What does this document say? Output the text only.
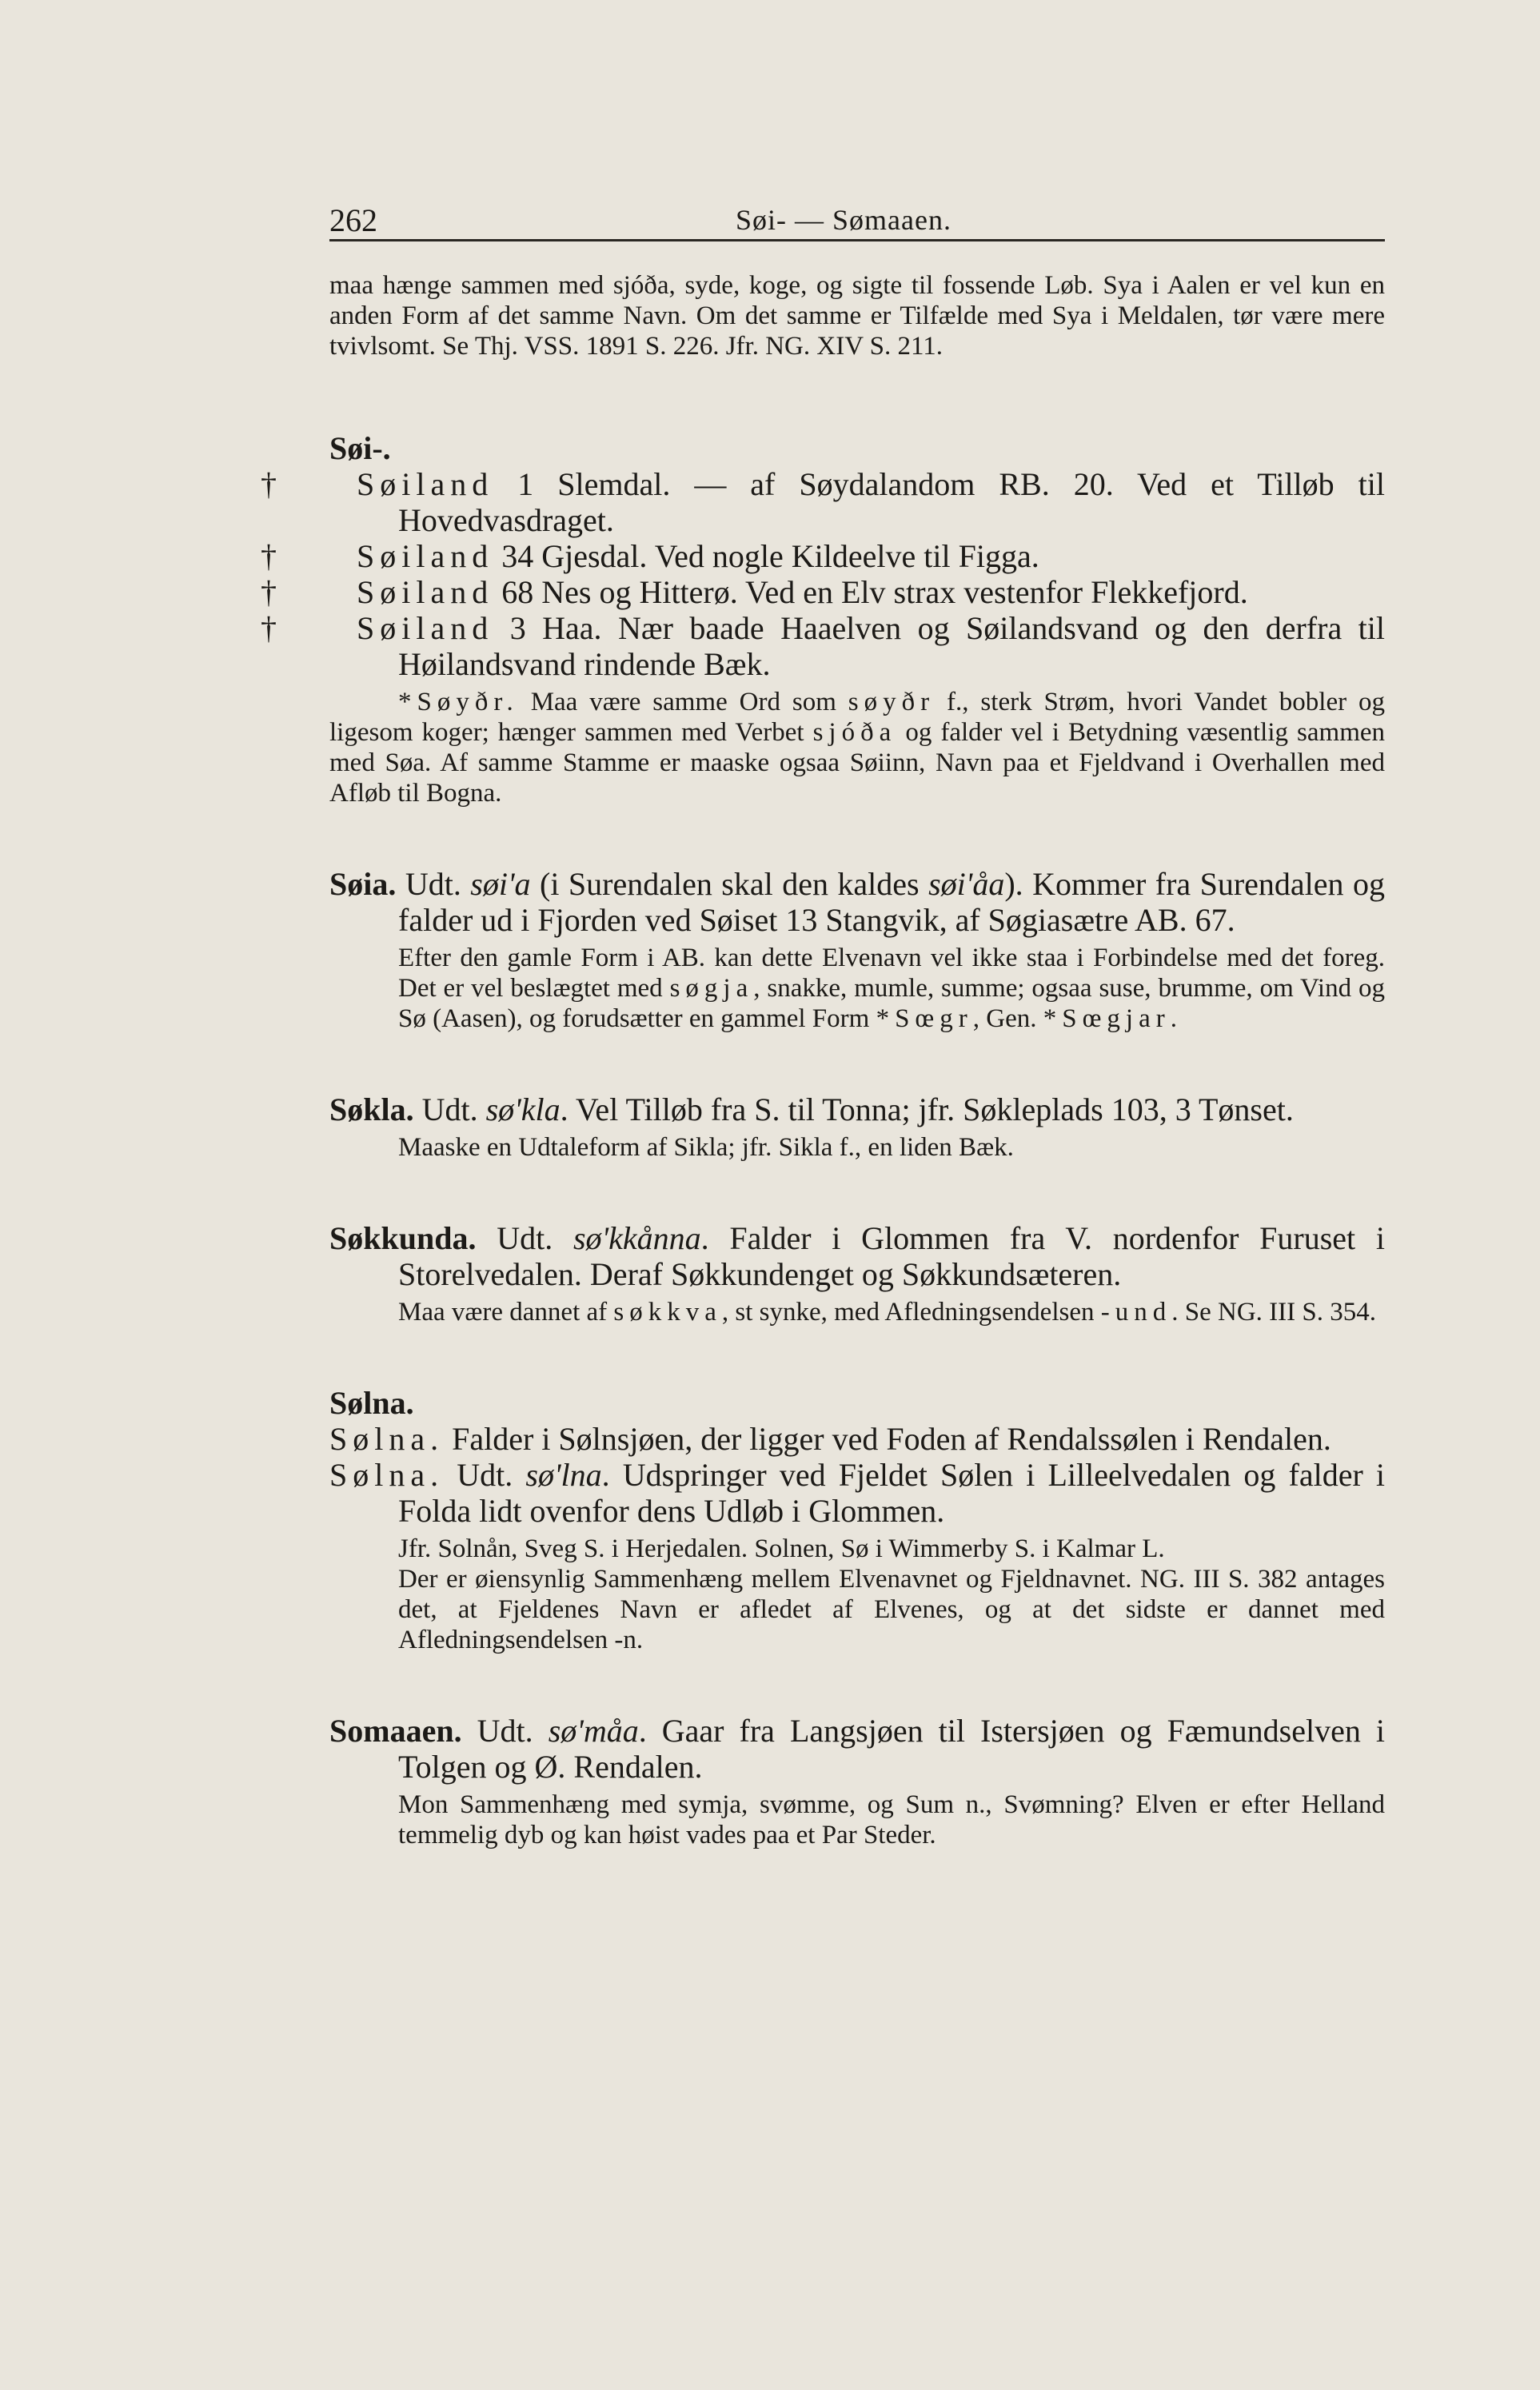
262	Søi- — Sømaaen.

maa hænge sammen med sjóða, syde, koge, og sigte til fossende Løb. Sya i Aalen er vel kun en anden Form af det samme Navn. Om det samme er Tilfælde med Sya i Meldalen, tør være mere tvivlsomt. Se Thj. VSS. 1891 S. 226. Jfr. NG. XIV S. 211.

Søi-.

†	Søiland 1 Slemdal. — af Søydalandom RB. 20. Ved et Tilløb til Hovedvasdraget.

†	Søiland 34 Gjesdal. Ved nogle Kildeelve til Figga.

†	Søiland 68 Nes og Hitterø. Ved en Elv strax vestenfor Flekkefjord.

†	Søiland 3 Haa. Nær baade Haaelven og Søilandsvand og den derfra til Høilandsvand rindende Bæk.

*Søyðr. Maa være samme Ord som søyðr f., sterk Strøm, hvori Vandet bobler og ligesom koger; hænger sammen med Verbet sjóða og falder vel i Betydning væsentlig sammen med Søa. Af samme Stamme er maaske ogsaa Søiinn, Navn paa et Fjeldvand i Overhallen med Afløb til Bogna.

Søia. Udt. søi'a (i Surendalen skal den kaldes søi'åa). Kommer fra Surendalen og falder ud i Fjorden ved Søiset 13 Stangvik, af Søgiasætre AB. 67.

Efter den gamle Form i AB. kan dette Elvenavn vel ikke staa i Forbindelse med det foreg. Det er vel beslægtet med søgja, snakke, mumle, summe; ogsaa suse, brumme, om Vind og Sø (Aasen), og forudsætter en gammel Form *Sœgr, Gen. *Sœgjar.

Søkla. Udt. sø'kla. Vel Tilløb fra S. til Tonna; jfr. Søkleplads 103, 3 Tønset.

Maaske en Udtaleform af Sikla; jfr. Sikla f., en liden Bæk.

Søkkunda. Udt. sø'kkånna. Falder i Glommen fra V. nordenfor Furuset i Storelvedalen. Deraf Søkkundenget og Søkkundsæteren.

Maa være dannet af søkkva, st synke, med Afledningsendelsen -und. Se NG. III S. 354.

Sølna.

Sølna. Falder i Sølnsjøen, der ligger ved Foden af Rendalssølen i Rendalen.

Sølna. Udt. sø'lna. Udspringer ved Fjeldet Sølen i Lilleelvedalen og falder i Folda lidt ovenfor dens Udløb i Glommen.

Jfr. Solnån, Sveg S. i Herjedalen. Solnen, Sø i Wimmerby S. i Kalmar L.

Der er øiensynlig Sammenhæng mellem Elvenavnet og Fjeldnavnet. NG. III S. 382 antages det, at Fjeldenes Navn er afledet af Elvenes, og at det sidste er dannet med Afledningsendelsen -n.

Somaaen. Udt. sø'måa. Gaar fra Langsjøen til Istersjøen og Fæmundselven i Tolgen og Ø. Rendalen.

Mon Sammenhæng med symja, svømme, og Sum n., Svømning? Elven er efter Helland temmelig dyb og kan høist vades paa et Par Steder.
